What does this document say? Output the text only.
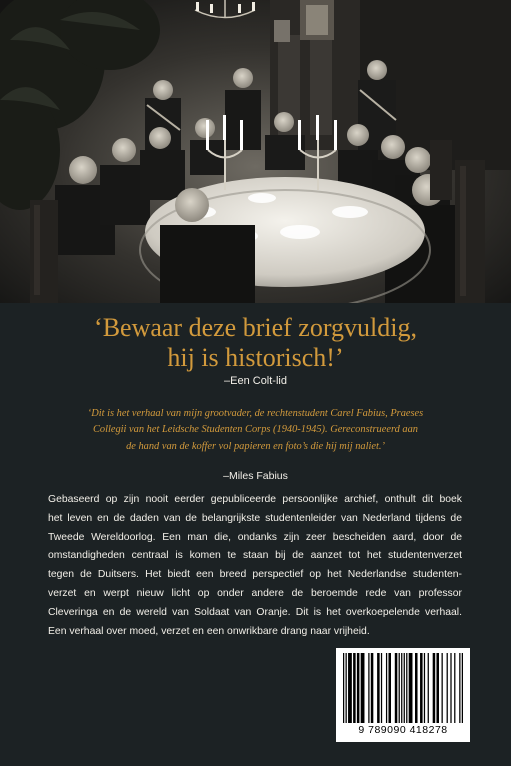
‘Bewaar deze brief zorgvuldig,
hij is historisch!’
–Een Colt-lid
‘Dit is het verhaal van mijn grootvader, de rechtenstudent Carel Fabius, Praeses
Collegii van het Leidsche Studenten Corps (1940-1945). Gereconstrueerd aan
de hand van de koffer vol papieren en foto’s die hij mij naliet.’
–Miles Fabius
Gebaseerd op zijn nooit eerder gepubliceerde persoonlijke archief, onthult dit boek
het leven en de daden van de belangrijkste studentenleider van Nederland tijdens de
Tweede Wereldoorlog. Een man die, ondanks zijn zeer bescheiden aard, door de
omstandigheden centraal is komen te staan bij de aanzet tot het studentenverzet
tegen de Duitsers. Het biedt een breed perspectief op het Nederlandse studenten-
verzet en werpt nieuw licht op onder andere de beroemde rede van professor
Cleveringa en de wereld van Soldaat van Oranje. Dit is het overkoepelende verhaal.
Een verhaal over moed, verzet en een onwrikbare drang naar vrijheid.
9 789090 418278
